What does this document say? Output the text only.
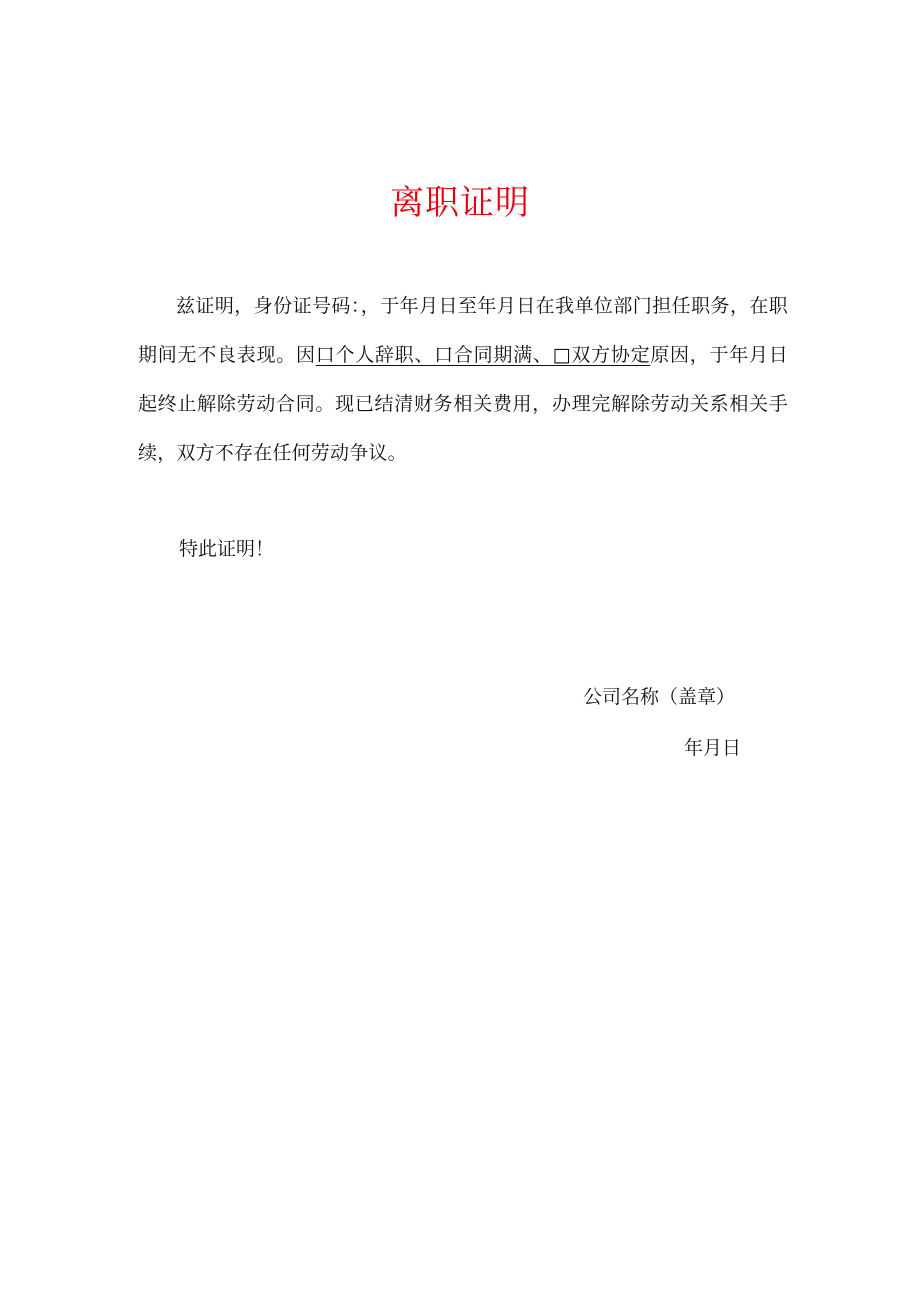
离职证明

兹证明，身份证号码：，于年月日至年月日在我单位部门担任职务，在职期间无不良表现。因口个人辞职、口合同期满、□双方协定原因，于年月日起终止解除劳动合同。现已结清财务相关费用，办理完解除劳动关系相关手续，双方不存在任何劳动争议。

特此证明！
公司名称（盖章）
年月日
